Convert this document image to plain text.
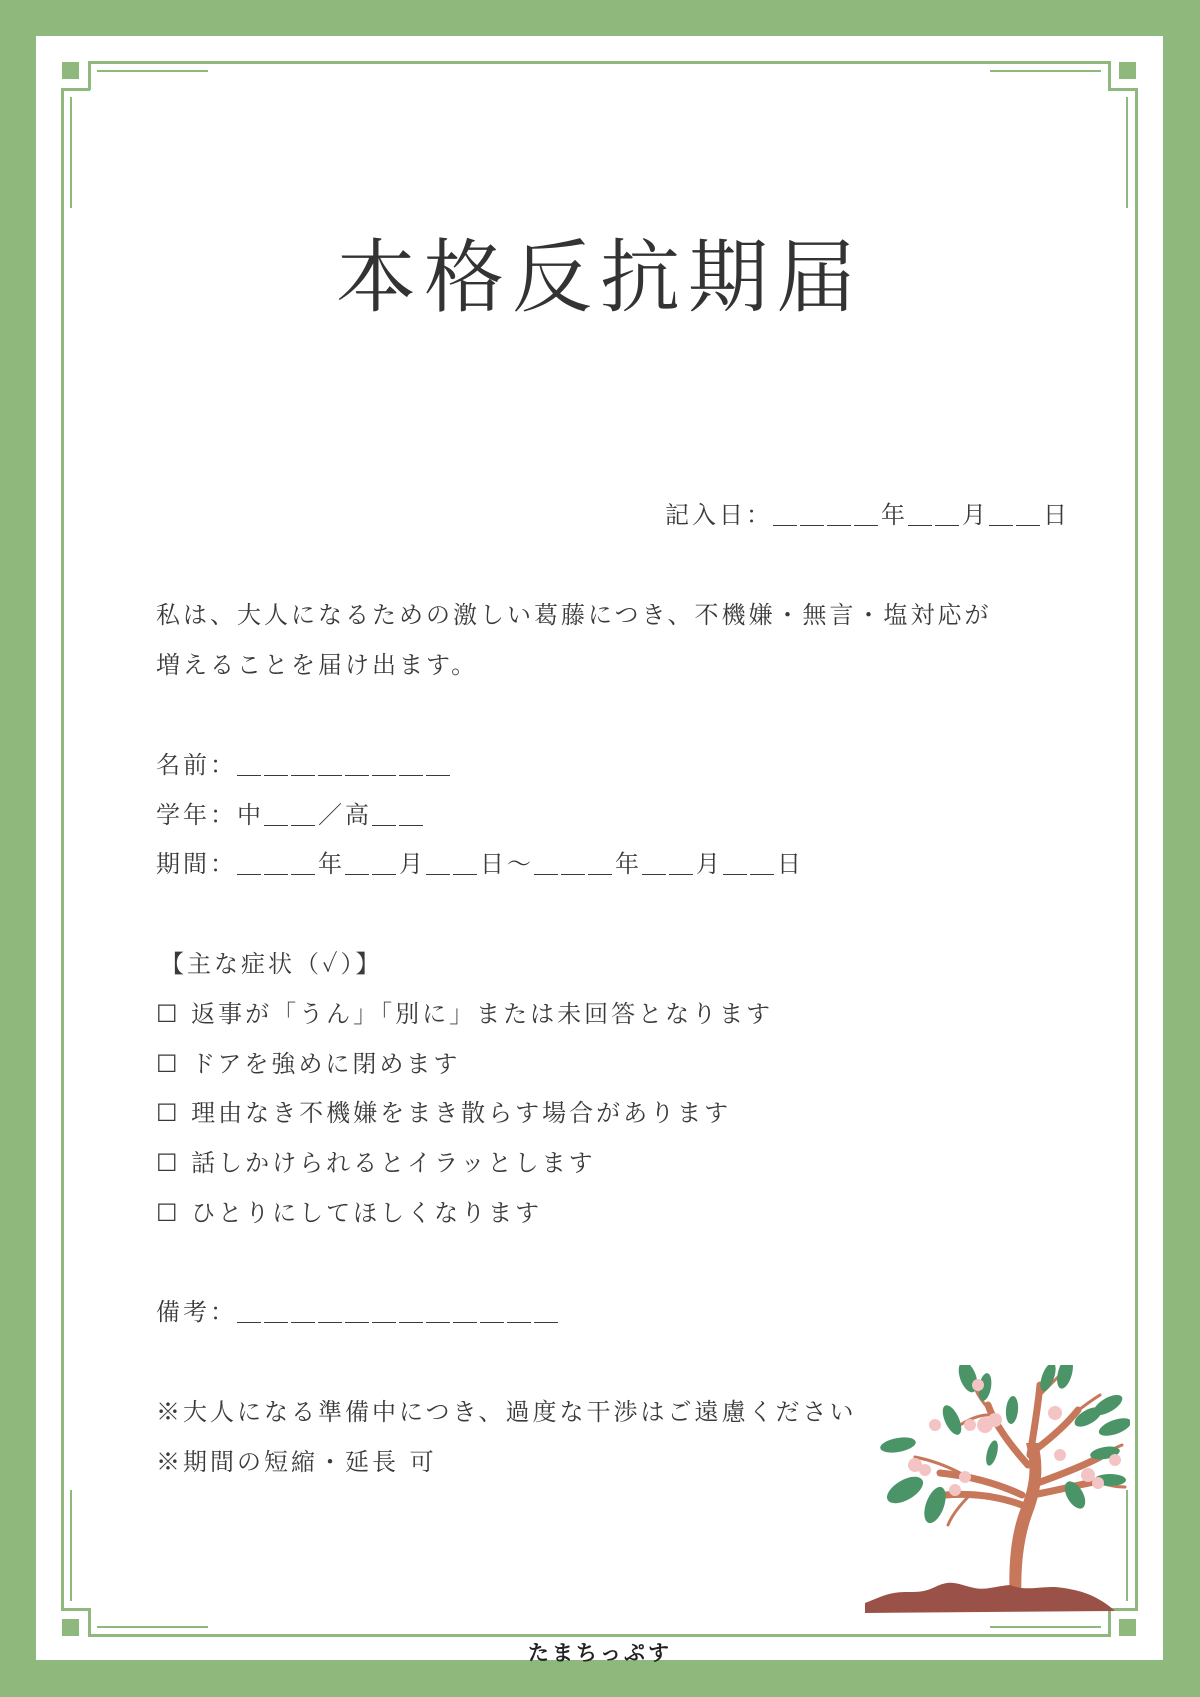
本格反抗期届
記入日：＿＿＿＿年＿＿月＿＿日
私は、大人になるための激しい葛藤につき、不機嫌・無言・塩対応が
増えることを届け出ます。
名前：＿＿＿＿＿＿＿＿
学年：中＿＿／高＿＿
期間：＿＿＿年＿＿月＿＿日〜＿＿＿年＿＿月＿＿日
【主な症状（✓）】
☐ 返事が「うん」「別に」または未回答となります
☐ ドアを強めに閉めます
☐ 理由なき不機嫌をまき散らす場合があります
☐ 話しかけられるとイラッとします
☐ ひとりにしてほしくなります
備考：＿＿＿＿＿＿＿＿＿＿＿＿
※大人になる準備中につき、過度な干渉はご遠慮ください
※期間の短縮・延長 可
たまちっぷす
